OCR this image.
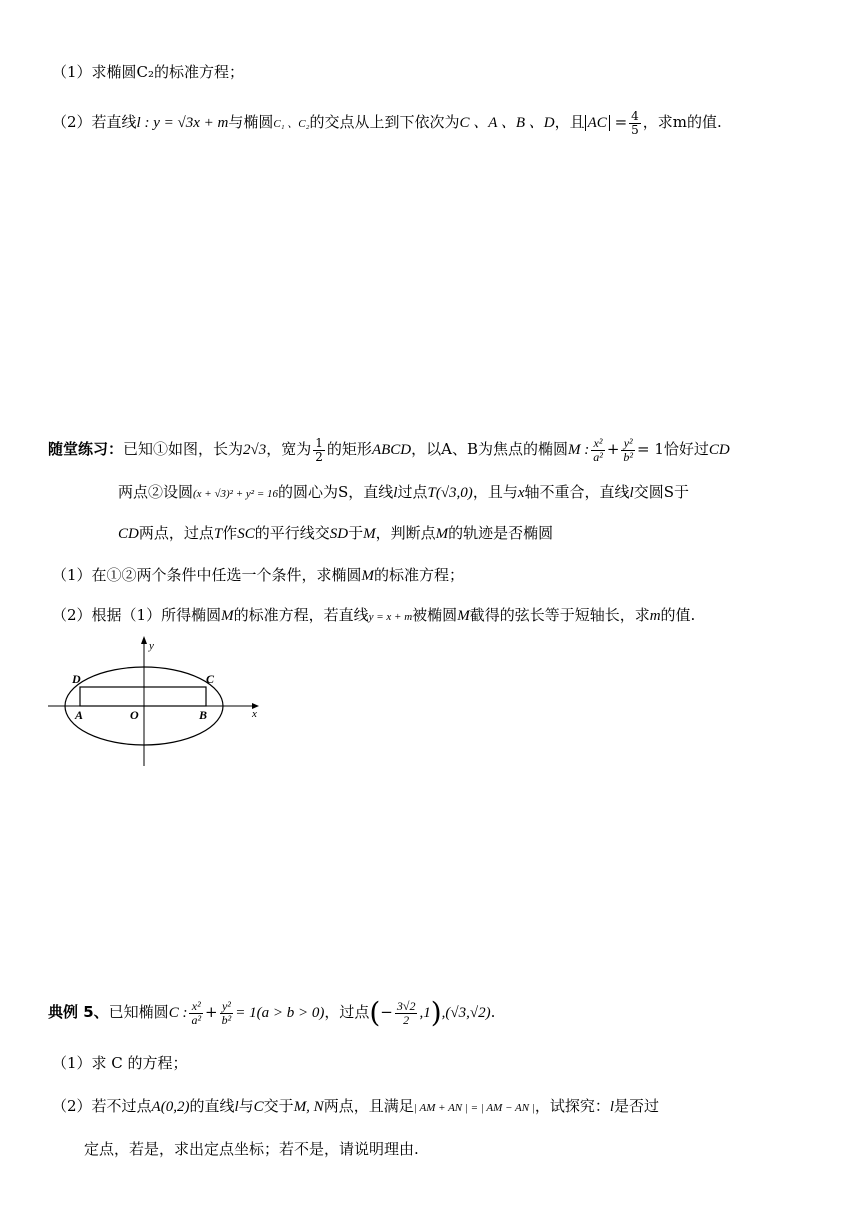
（1）求椭圆C₂的标准方程；
（2）若直线l : y = √3x + m与椭圆C₁ 、C₂的交点从上到下依次为C 、A 、B 、D，且 AC = $\frac{4}{5}$ ，求m的值.
随堂练习：已知①如图，长为2√3，宽为 $\frac{1}{2}$ 的矩形ABCD，以A、B为焦点的椭圆M : $\frac{\text{x²}}{\text{a²}} + \frac{\text{y²}}{\text{b²}} = 1$恰好过CD
两点②设圆(x + √3)² + y² = 16的圆心为S，直线l过点T(√3,0)，且与x轴不重合，直线l交圆S于
CD两点，过点T作SC的平行线交SD于M，判断点M的轨迹是否椭圆
（1）在①②两个条件中任选一个条件，求椭圆M的标准方程；
（2）根据（1）所得椭圆M的标准方程，若直线y = x + m被椭圆M截得的弦长等于短轴长，求m的值.
y
x
D	C
A	O	B
典例 5、已知椭圆C : $\frac{\text{x²}}{\text{a²}} + \frac{\text{y²}}{\text{b²}} = 1(a > b > 0)$，过点(− $\frac{3√2}{2} ,1),(√3,√2)$.
（1）求 C 的方程；
（2）若不过点A(0,2)的直线l与C交于M, N两点，且满足| AM + AN | = | AM − AN |，试探究：l是否过
定点，若是，求出定点坐标；若不是，请说明理由.
